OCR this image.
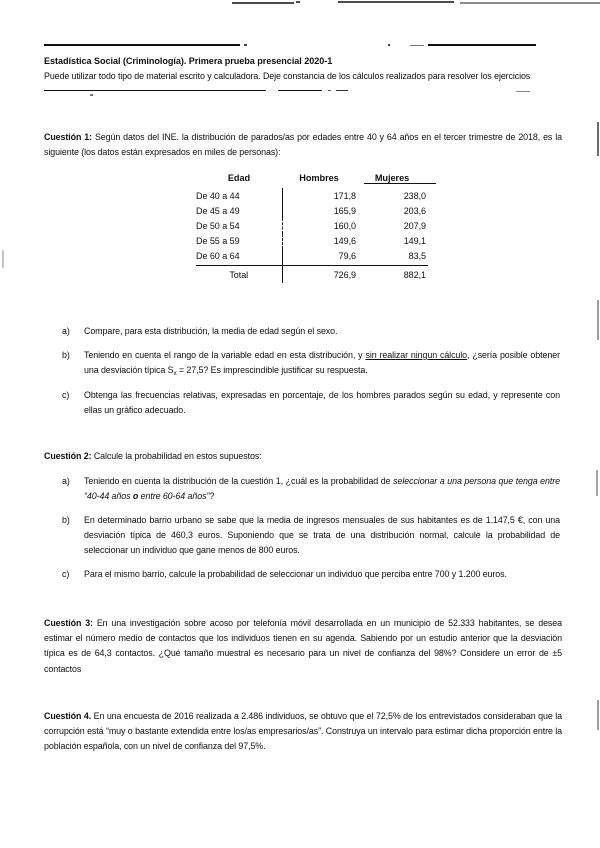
Estadística Social (Criminología). Primera prueba presencial 2020-1
Puede utilizar todo tipo de material escrito y calculadora. Deje constancia de los cálculos realizados para resolver los ejercicios
Cuestión 1: Según datos del INE. la distribución de parados/as por edades entre 40 y 64 años en el tercer trimestre de 2018, es la siguiente (los datos están expresados en miles de personas):
Edad	Hombres	Mujeres
De 40 a 44	171,8	238,0
De 45 a 49	165,9	203,6
De 50 a 54	160,0	207,9
De 55 a 59	149,6	149,1
De 60 a 64	79,6	83,5
Total	726,9	882,1
a)	Compare, para esta distribución, la media de edad según el sexo.
b)	Teniendo en cuenta el rango de la variable edad en esta distribución, y sin realizar ningun cálculo, ¿sería posible obtener una desviación típica $S_x = 27,5$? Es imprescindible justificar su respuesta.
c)	Obtenga las frecuencias relativas, expresadas en porcentaje, de los hombres parados según su edad, y represente con ellas un gráfico adecuado.
Cuestión 2: Calcule la probabilidad en estos supuestos:
a)	Teniendo en cuenta la distribución de la cuestión 1, ¿cuál es la probabilidad de seleccionar a una persona que tenga entre “40-44 años o entre 60-64 años”?
b)	En determinado barrio urbano se sabe que la media de ingresos mensuales de sus habitantes es de 1.147,5 €, con una desviación típica de 460,3 euros. Suponiendo que se trata de una distribución normal, calcule la probabilidad de seleccionar un individuo que gane menos de 800 euros.
c)	Para el mismo barrio, calcule la probabilidad de seleccionar un individuo que perciba entre 700 y 1.200 euros.
Cuestión 3: En una investigación sobre acoso por telefonía móvil desarrollada en un municipio de 52.333 habitantes, se desea estimar el número medio de contactos que los individuos tienen en su agenda. Sabiendo por un estudio anterior que la desviación típica es de 64,3 contactos. ¿Qué tamaño muestral es necesario para un nivel de confianza del 98%? Considere un error de ±5 contactos
Cuestión 4. En una encuesta de 2016 realizada a 2.486 individuos, se obtuvo que el 72,5% de los entrevistados consideraban que la corrupción está “muy o bastante extendida entre los/as empresarios/as”. Construya un intervalo para estimar dicha proporción entre la población española, con un nivel de confianza del 97,5%.
